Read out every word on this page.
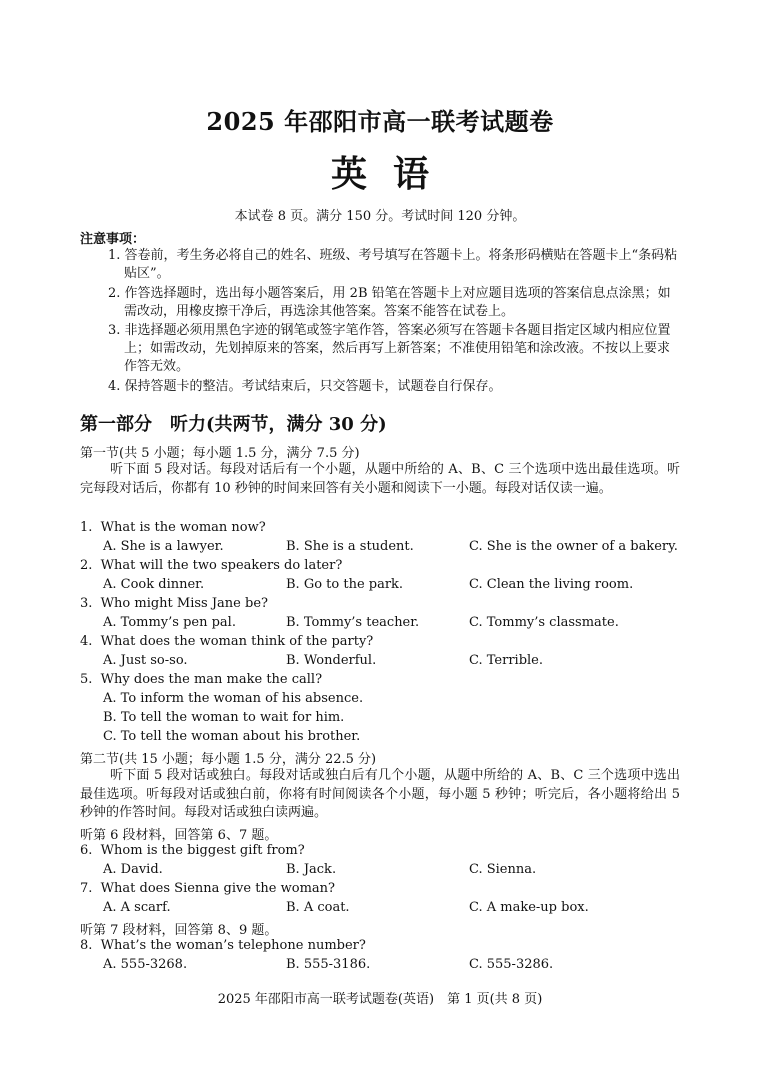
2025 年邵阳市高一联考试题卷
英语
本试卷 8 页。满分 150 分。考试时间 120 分钟。
注意事项：
1. 答卷前，考生务必将自己的姓名、班级、考号填写在答题卡上。将条形码横贴在答题卡上“条码粘贴区”。
2. 作答选择题时，选出每小题答案后，用 2B 铅笔在答题卡上对应题目选项的答案信息点涂黑；如需改动，用橡皮擦干净后，再选涂其他答案。答案不能答在试卷上。
3. 非选择题必须用黑色字迹的钢笔或签字笔作答，答案必须写在答题卡各题目指定区域内相应位置上；如需改动，先划掉原来的答案，然后再写上新答案；不准使用铅笔和涂改液。不按以上要求作答无效。
4. 保持答题卡的整洁。考试结束后，只交答题卡，试题卷自行保存。
第一部分　听力(共两节，满分 30 分)
第一节(共 5 小题；每小题 1.5 分，满分 7.5 分)
听下面 5 段对话。每段对话后有一个小题，从题中所给的 A、B、C 三个选项中选出最佳选项。听完每段对话后，你都有 10 秒钟的时间来回答有关小题和阅读下一小题。每段对话仅读一遍。
1. What is the woman now?
A. She is a lawyer.	B. She is a student.	C. She is the owner of a bakery.
2. What will the two speakers do later?
A. Cook dinner.	B. Go to the park.	C. Clean the living room.
3. Who might Miss Jane be?
A. Tommy’s pen pal.	B. Tommy’s teacher.	C. Tommy’s classmate.
4. What does the woman think of the party?
A. Just so-so.	B. Wonderful.	C. Terrible.
5. Why does the man make the call?
A. To inform the woman of his absence.
B. To tell the woman to wait for him.
C. To tell the woman about his brother.
第二节(共 15 小题；每小题 1.5 分，满分 22.5 分)
听下面 5 段对话或独白。每段对话或独白后有几个小题，从题中所给的 A、B、C 三个选项中选出最佳选项。听每段对话或独白前，你将有时间阅读各个小题，每小题 5 秒钟；听完后，各小题将给出 5 秒钟的作答时间。每段对话或独白读两遍。
听第 6 段材料，回答第 6、7 题。
6. Whom is the biggest gift from?
A. David.	B. Jack.	C. Sienna.
7. What does Sienna give the woman?
A. A scarf.	B. A coat.	C. A make-up box.
听第 7 段材料，回答第 8、9 题。
8. What’s the woman’s telephone number?
A. 555-3268.	B. 555-3186.	C. 555-3286.
2025 年邵阳市高一联考试题卷(英语)　第 1 页(共 8 页)
